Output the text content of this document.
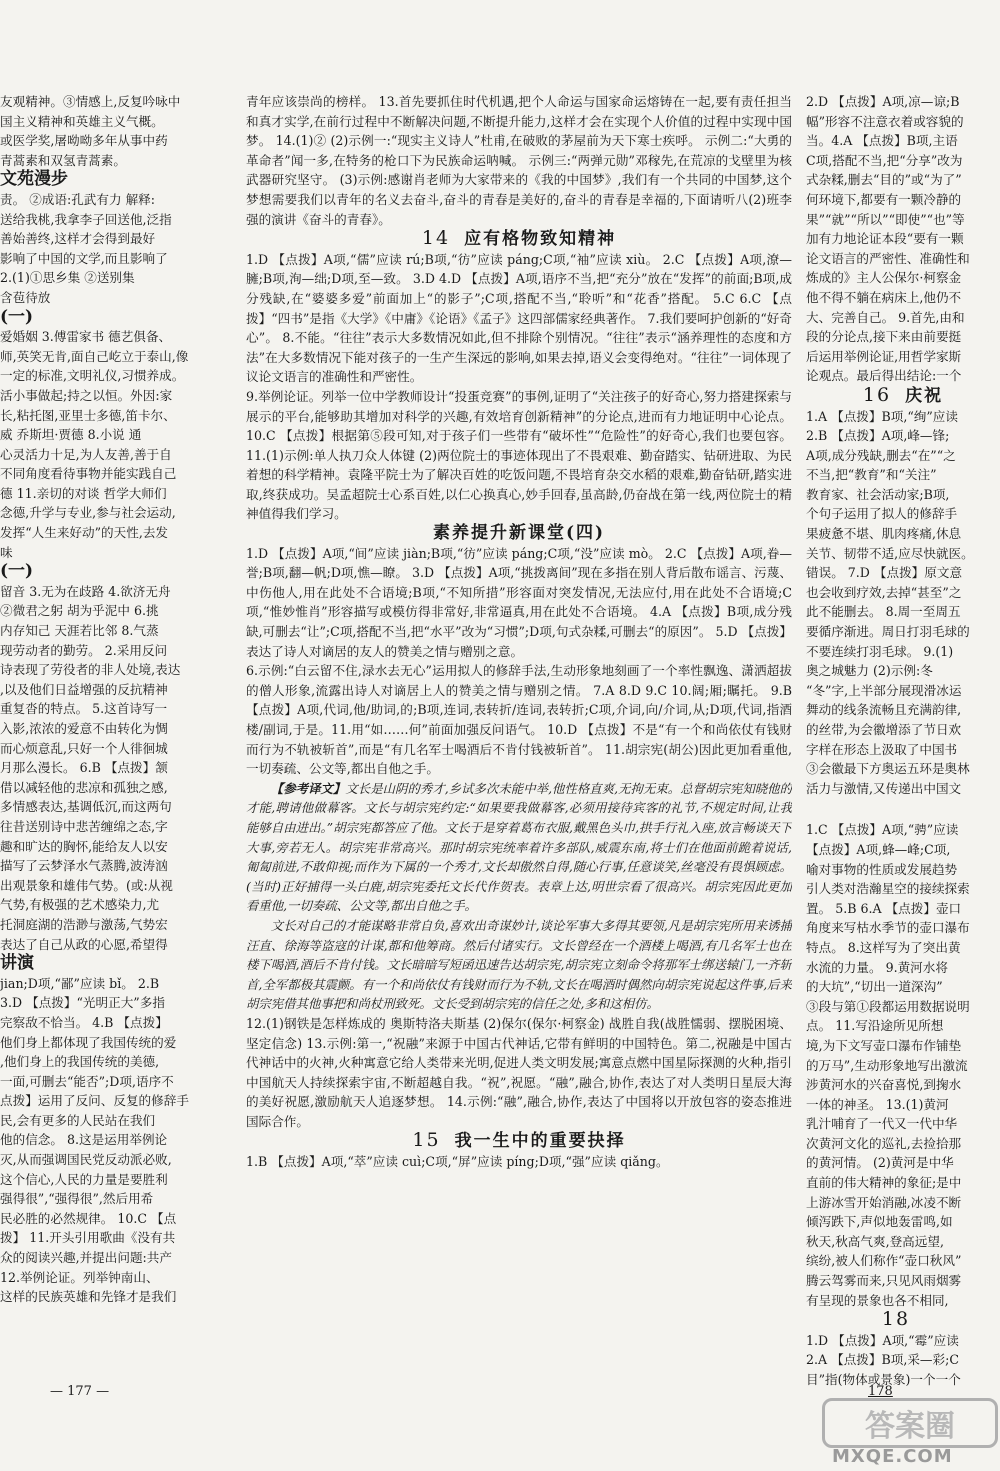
友观精神。③情感上,反复吟咏中

国主义精神和英雄主义气概。

或医学奖,屠呦呦多年从事中药

青蒿素和双氢青蒿素。

文苑漫步

责。 ②成语:孔武有力 解释:

送给我桃,我拿李子回送他,泛指

善始善终,这样才会得到最好

影响了中国的文学,而且影响了

2.(1)①思乡集 ②送别集

含苞待放

(一)

爱婚姻 3.傅雷家书 德艺俱备、

师,英笑无肯,面自己屹立于泰山,像

一定的标准,文明礼仪,习惯养成。

活小事做起;持之以恒。外因:家

长,粘托图,亚里士多德,笛卡尔、

威 乔斯坦·贾德 8.小说 通

心灵活力十足,为人友善,善于自

不同角度看待事物并能实践自己

德 11.亲切的对谈 哲学大师们

念德,升学与专业,参与社会运动,

发挥“人生来好动”的天性,去发

味

(一)

留音 3.无为在歧路 4.欲济无舟

②微君之躬 胡为乎泥中 6.挑

内存知己 天涯若比邻 8.气蒸

现劳动者的勤劳。 2.采用反问

诗表现了劳役者的非人处境,表达

,以及他们日益增强的反抗精神

重复沓的特点。 5.这首诗写一

入影,浓浓的爱意不由转化为惆

而心烦意乱,只好一个人徘徊城

月那么漫长。 6.B 【点拨】颔

借以减轻他的悲凉和孤独之感,

多情感表达,基调低沉,而这两句

往昔送别诗中悲苦缠绵之态,字

趣和旷达的胸怀,能给友人以安

描写了云梦泽水气蒸腾,波涛汹

出观景象和雄伟气势。(或:从视

气势,有极强的艺术感染力,尤

托洞庭湖的浩渺与激荡,气势宏

表达了自己从政的心愿,希望得

讲演

jian;D项,“鄙”应读 bǐ。 2.B

3.D 【点拨】“光明正大”多指

完察敌不恰当。 4.B 【点拨】

他们身上都体现了我国传统的爱

,他们身上的我国传统的美德,

一面,可删去“能否”;D项,语序不

点拨】运用了反问、反复的修辞手

民,会有更多的人民站在我们

他的信念。 8.这是运用举例论

灭,从而强调国民党反动派必败,

这个信心,人民的力量是要胜利

强得很”,“强得很”,然后用希

民必胜的必然规律。 10.C 【点

拨】 11.开头引用歌曲《没有共

众的阅读兴趣,并提出问题:共产

12.举例论证。列举钟南山、

这样的民族英雄和先锋才是我们

青年应该崇尚的榜样。 13.首先要抓住时代机遇,把个人命运与国家命运熔铸在一起,要有责任担当和真才实学,在前行过程中不断解决问题,不断提升能力,这样才会在实现个人价值的过程中实现中国梦。 14.(1)② (2)示例一:“现实主义诗人”杜甫,在破败的茅屋前为天下寒士疾呼。 示例二:“大勇的革命者”闻一多,在特务的枪口下为民族命运呐喊。 示例三:“两弹元勋”邓稼先,在荒凉的戈壁里为核武器研究坚守。 (3)示例:感谢肖老师为大家带来的《我的中国梦》,我们有一个共同的中国梦,这个梦想需要我们以青年的名义去奋斗,奋斗的青春是美好的,奋斗的青春是幸福的,下面请听八(2)班李强的演讲《奋斗的青春》。

14 应有格物致知精神

1.D 【点拨】A项,“儒”应读 rú;B项,“彷”应读 páng;C项,“袖”应读 xiù。 2.C 【点拨】A项,潦—臃;B项,洵—绌;D项,至—致。 3.D 4.D 【点拨】A项,语序不当,把“充分”放在“发挥”的前面;B项,成分残缺,在“婆婆多爱”前面加上“的影子”;C项,搭配不当,“聆听”和“花香”搭配。 5.C 6.C 【点拨】“四书”是指《大学》《中庸》《论语》《孟子》这四部儒家经典著作。 7.我们要呵护创新的“好奇心”。 8.不能。“往往”表示大多数情况如此,但不排除个别情况。“往往”表示“涵养理性的态度和方法”在大多数情况下能对孩子的一生产生深远的影响,如果去掉,语义会变得绝对。“往往”一词体现了议论文语言的准确性和严密性。

9.举例论证。列举一位中学教师设计“投蛋竞赛”的事例,证明了“关注孩子的好奇心,努力搭建探索与展示的平台,能够助其增加对科学的兴趣,有效培育创新精神”的分论点,进而有力地证明中心论点。 10.C 【点拨】根据第⑤段可知,对于孩子们一些带有“破坏性”“危险性”的好奇心,我们也要包容。 11.(1)示例:单人执刀众人体键 (2)两位院士的事迹体现出了不畏艰难、勤奋踏实、钻研进取、为民着想的科学精神。袁隆平院士为了解决百姓的吃饭问题,不畏培育杂交水稻的艰难,勤奋钻研,踏实进取,终获成功。吴孟超院士心系百姓,以仁心换真心,妙手回春,虽高龄,仍奋战在第一线,两位院士的精神值得我们学习。

素养提升新课堂(四)

1.D 【点拨】A项,“间”应读 jiàn;B项,“彷”应读 páng;C项,“没”应读 mò。 2.C 【点拨】A项,眷—誉;B项,翻—帆;D项,憔—瞭。 3.D 【点拨】A项,“挑拨离间”现在多指在别人背后散布谣言、污蔑、中伤他人,用在此处不合语境;B项,“不知所措”形容面对突发情况,无法应付,用在此处不合语境;C项,“惟妙惟肖”形容描写或模仿得非常好,非常逼真,用在此处不合语境。 4.A 【点拨】B项,成分残缺,可删去“让”;C项,搭配不当,把“水平”改为“习惯”;D项,句式杂糅,可删去“的原因”。 5.D 【点拨】表达了诗人对谪居的友人的赞美之情与赠别之意。

6.示例:“白云留不住,渌水去无心”运用拟人的修辞手法,生动形象地刻画了一个率性飘逸、潇洒超拔的僧人形象,流露出诗人对谪居上人的赞美之情与赠别之情。 7.A 8.D 9.C 10.阔;厢;瞩托。 9.B 【点拨】A项,代词,他/助词,的;B项,连词,表转折/连词,表转折;C项,介词,向/介词,从;D项,代词,指酒楼/副词,于是。11.用“如……何”前面加强反问语气。 10.D 【点拨】不是“有一个和尚依仗有钱财而行为不轨被斩首”,而是“有几名军士喝酒后不肯付钱被斩首”。 11.胡宗宪(胡公)因此更加看重他,一切奏疏、公文等,都出自他之手。

【参考译文】文长是山阴的秀才,乡试多次未能中举,他性格直爽,无拘无束。总督胡宗宪知晓他的才能,聘请他做幕客。文长与胡宗宪约定:“如果要我做幕客,必须用接待宾客的礼节,不规定时间,让我能够自由进出。”胡宗宪都答应了他。文长于是穿着葛布衣服,戴黑色头巾,拱手行礼入座,放言畅谈天下大事,旁若无人。胡宗宪非常高兴。那时胡宗宪统率着许多部队,威震东南,将士们在他面前跪着说话,匍匐前进,不敢仰视;而作为下属的一个秀才,文长却傲然自得,随心行事,任意谈笑,丝毫没有畏惧顾虑。(当时)正好捕得一头白鹿,胡宗宪委托文长代作贺表。表章上达,明世宗看了很高兴。胡宗宪因此更加看重他,一切奏疏、公文等,都出自他之手。

文长对自己的才能谋略非常自负,喜欢出奇谋妙计,谈论军事大多得其要领,凡是胡宗宪所用来诱捕汪直、徐海等盗寇的计谋,都和他筹商。然后付诸实行。文长曾经在一个酒楼上喝酒,有几名军士也在楼下喝酒,酒后不肯付钱。文长暗暗写短函迅速告达胡宗宪,胡宗宪立刻命令将那军士绑送辕门,一齐斩首,全军都极其震颤。有一个和尚依仗有钱财而行为不轨,文长在喝酒时偶然向胡宗宪说起这件事,后来胡宗宪借其他事把和尚杖刑致死。文长受到胡宗宪的信任之处,多和这相仿。

12.(1)钢铁是怎样炼成的 奥斯特洛夫斯基 (2)保尔(保尔·柯察金) 战胜自我(战胜懦弱、摆脱困境、坚定信念) 13.示例:第一,“祝融”来源于中国古代神话,它带有鲜明的中国特色。第二,祝融是中国古代神话中的火神,火种寓意它给人类带来光明,促进人类文明发展;寓意点燃中国星际探测的火种,指引中国航天人持续探索宇宙,不断超越自我。“祝”,祝愿。“融”,融合,协作,表达了对人类明日星辰大海的美好祝愿,激励航天人追逐梦想。 14.示例:“融”,融合,协作,表达了中国将以开放包容的姿态推进国际合作。

15 我一生中的重要抉择

1.B 【点拨】A项,“萃”应读 cuì;C项,“屏”应读 píng;D项,“强”应读 qiǎng。

2.D 【点拨】A项,凉—谅;B

幅”形容不注意衣着或容貌的

当。4.A 【点拨】B项,主语

C项,搭配不当,把“分享”改为

式杂糅,删去“目的”或“为了”

何环境下,都要有一颗冷静的

果”“就”“所以”“即使”“也”等

加有力地论证本段“要有一颗

论文语言的严密性、准确性和

炼成的》主人公保尔·柯察金

他不得不躺在病床上,他仍不

大、完善自己。 9.首先,由和

段的分论点,接下来由前要挺

后运用举例论证,用哲学家斯

论观点。最后得出结论:一个

16 庆祝

1.A 【点拨】B项,“绚”应读

2.B 【点拨】A项,峰—锋;

A项,成分残缺,删去“在”“之

不当,把“教育”和“关注”

教育家、社会活动家;B项,

个句子运用了拟人的修辞手

果疲惫不堪、肌肉疼痛,休息

关节、韧带不适,应尽快就医。

错误。 7.D 【点拨】原文意

也会收到疗效,去掉“甚至”之

此不能删去。 8.周一至周五

要循序渐进。周日打羽毛球的

不要连续打羽毛球。 9.(1)

奥之城魅力 (2)示例:冬

“冬”字,上半部分展现滑冰运

舞动的线条流畅且充满韵律,

的丝带,为会徽增添了节日欢

字样在形态上汲取了中国书

③会徽最下方奥运五环是奥林

活力与激情,又传递出中国文

1.C 【点拨】A项,“骋”应读

【点拨】A项,蜂—峰;C项,

喻对事物的性质或发展趋势

引人类对浩瀚星空的接续探索

置。 5.B 6.A 【点拨】壶口

角度来写枯水季节的壶口瀑布

特点。 8.这样写为了突出黄

水流的力量。 9.黄河水将

的大坑”,“切出一道深沟”

③段与第①段都运用数据说明

点。 11.写沿途所见所想

境,为下文写壶口瀑布作铺垫

的万马”,生动形象地写出激流

涉黄河水的兴奋喜悦,到掬水

一体的神圣。 13.(1)黄河

乳汁哺育了一代又一代中华

次黄河文化的巡礼,去捡拾那

的黄河情。 (2)黄河是中华

直前的伟大精神的象征;是中

上游冰雪开始消融,冰凌不断

倾泻跌下,声似地轰雷鸣,如

秋天,秋高气爽,登高远望,

缤纷,被人们称作“壶口秋风”

腾云驾雾而来,只见风雨烟雾

有呈现的景象也各不相同,

18

1.D 【点拨】A项,“霉”应读

2.A 【点拨】B项,采—彩;C

目”指(物体或景象)一个一个

— 177 —	178
答案圈
MXQE.COM
